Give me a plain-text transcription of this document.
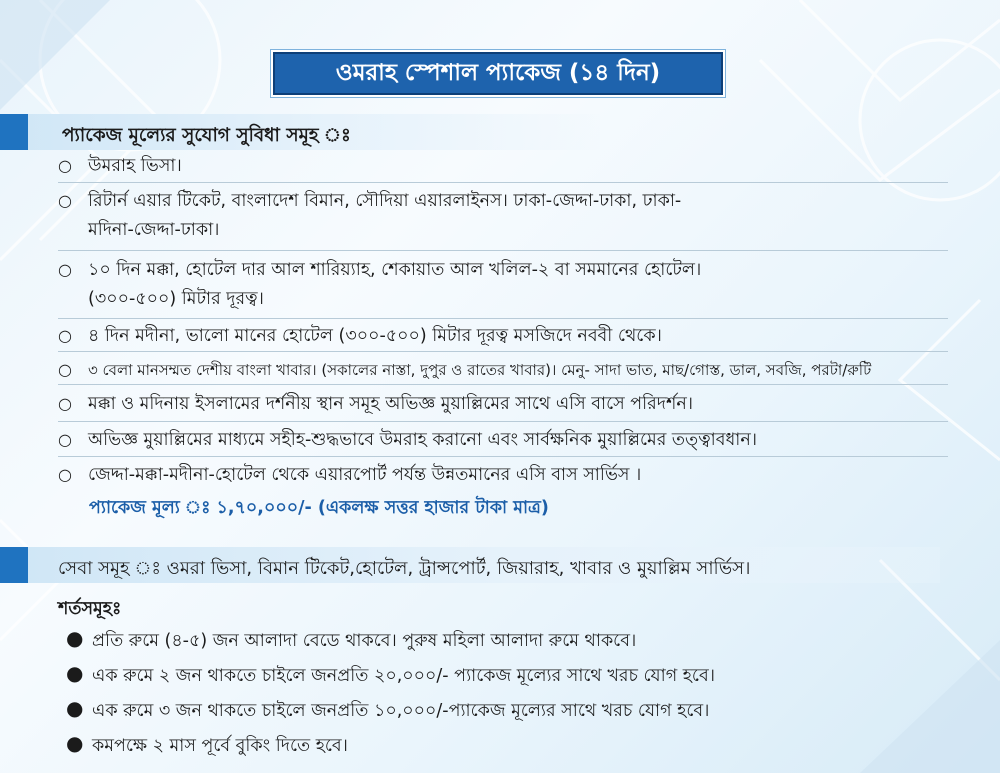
ওমরাহ স্পেশাল প্যাকেজ (১৪ দিন)
প্যাকেজ মূল্যের সুযোগ সুবিধা সমূহ ঃ
○ উমরাহ ভিসা।
○ রিটার্ন এয়ার টিকেট, বাংলাদেশ বিমান, সৌদিয়া এয়ারলাইনস। ঢাকা-জেদ্দা-ঢাকা, ঢাকা-
মদিনা-জেদ্দা-ঢাকা।
○ ১০ দিন মক্কা, হোটেল দার আল শারিয়্যাহ, শেকায়াত আল খলিল-২ বা সমমানের হোটেল।
(৩০০-৫০০) মিটার দূরত্ব।
○ ৪ দিন মদীনা, ভালো মানের হোটেল (৩০০-৫০০) মিটার দূরত্ব মসজিদে নববী থেকে।
○ ৩ বেলা মানসম্মত দেশীয় বাংলা খাবার। (সকালের নাস্তা, দুপুর ও রাতের খাবার)। মেনু- সাদা ভাত, মাছ/গোস্ত, ডাল, সবজি, পরটা/রুটি
○ মক্কা ও মদিনায় ইসলামের দর্শনীয় স্থান সমূহ অভিজ্ঞ মুয়াল্লিমের সাথে এসি বাসে পরিদর্শন।
○ অভিজ্ঞ মুয়াল্লিমের মাধ্যমে সহীহ-শুদ্ধভাবে উমরাহ করানো এবং সার্বক্ষনিক মুয়াল্লিমের তত্ত্বাবধান।
○ জেদ্দা-মক্কা-মদীনা-হোটেল থেকে এয়ারপোর্ট পর্যন্ত উন্নতমানের এসি বাস সার্ভিস ।
প্যাকেজ মূল্য ঃ ১,৭০,০০০/- (একলক্ষ সত্তর হাজার টাকা মাত্র)
সেবা সমূহ ঃ ওমরা ভিসা, বিমান টিকেট,হোটেল, ট্রান্সপোর্ট, জিয়ারাহ, খাবার ও মুয়াল্লিম সার্ভিস।
শর্তসমূহঃ
● প্রতি রুমে (৪-৫) জন আলাদা বেডে থাকবে। পুরুষ মহিলা আলাদা রুমে থাকবে।
● এক রুমে ২ জন থাকতে চাইলে জনপ্রতি ২০,০০০/- প্যাকেজ মূল্যের সাথে খরচ যোগ হবে।
● এক রুমে ৩ জন থাকতে চাইলে জনপ্রতি ১০,০০০/-প্যাকেজ মূল্যের সাথে খরচ যোগ হবে।
● কমপক্ষে ২ মাস পূর্বে বুকিং দিতে হবে।
